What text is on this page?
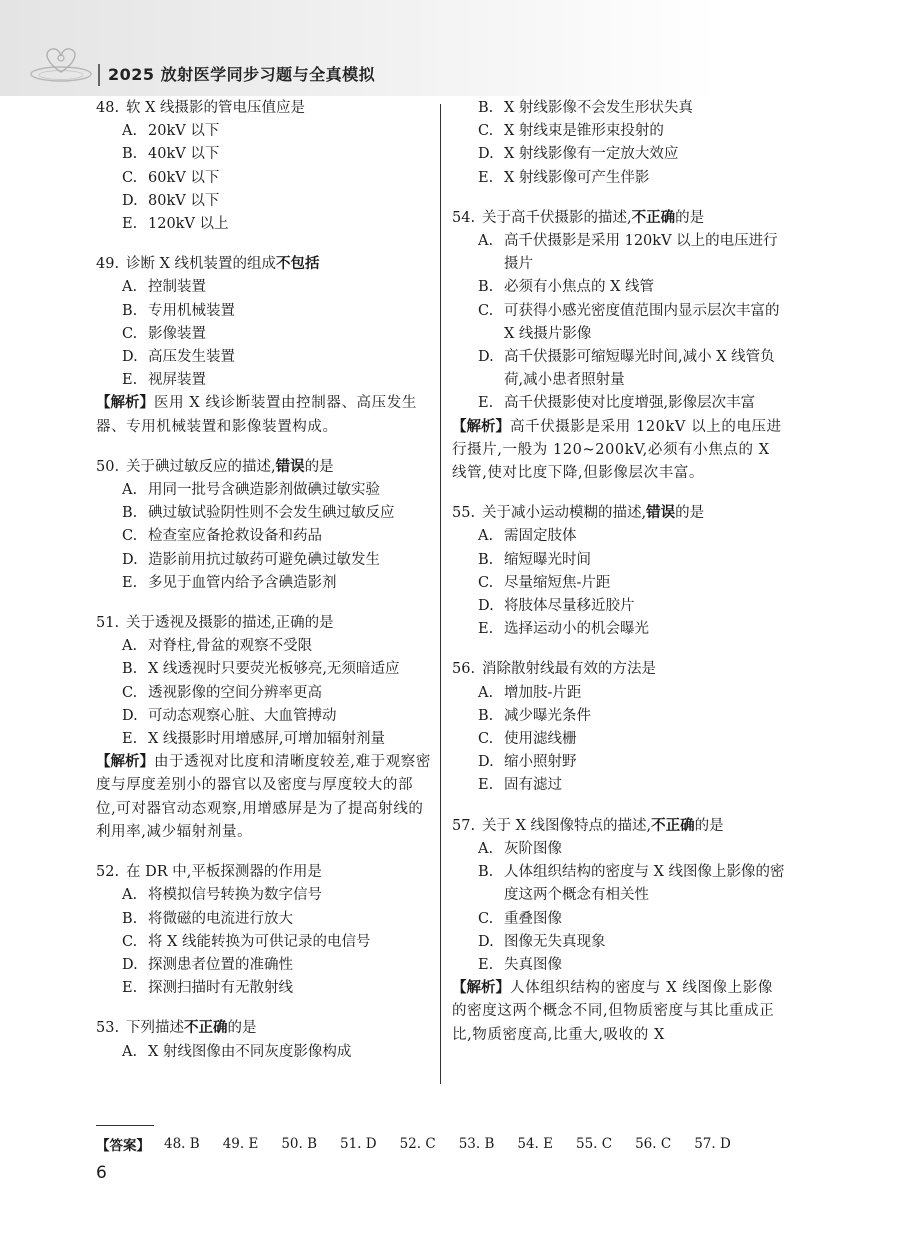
2025 放射医学同步习题与全真模拟
48. 软 X 线摄影的管电压值应是
A. 20kV 以下
B. 40kV 以下
C. 60kV 以下
D. 80kV 以下
E. 120kV 以上
49. 诊断 X 线机装置的组成不包括
A. 控制装置
B. 专用机械装置
C. 影像装置
D. 高压发生装置
E. 视屏装置
【解析】医用 X 线诊断装置由控制器、高压发生器、专用机械装置和影像装置构成。
50. 关于碘过敏反应的描述,错误的是
A. 用同一批号含碘造影剂做碘过敏实验
B. 碘过敏试验阴性则不会发生碘过敏反应
C. 检查室应备抢救设备和药品
D. 造影前用抗过敏药可避免碘过敏发生
E. 多见于血管内给予含碘造影剂
51. 关于透视及摄影的描述,正确的是
A. 对脊柱,骨盆的观察不受限
B. X 线透视时只要荧光板够亮,无须暗适应
C. 透视影像的空间分辨率更高
D. 可动态观察心脏、大血管搏动
E. X 线摄影时用增感屏,可增加辐射剂量
【解析】由于透视对比度和清晰度较差,难于观察密度与厚度差别小的器官以及密度与厚度较大的部位,可对器官动态观察,用增感屏是为了提高射线的利用率,减少辐射剂量。
52. 在 DR 中,平板探测器的作用是
A. 将模拟信号转换为数字信号
B. 将微磁的电流进行放大
C. 将 X 线能转换为可供记录的电信号
D. 探测患者位置的准确性
E. 探测扫描时有无散射线
53. 下列描述不正确的是
A. X 射线图像由不同灰度影像构成
B. X 射线影像不会发生形状失真
C. X 射线束是锥形束投射的
D. X 射线影像有一定放大效应
E. X 射线影像可产生伴影
54. 关于高千伏摄影的描述,不正确的是
A. 高千伏摄影是采用 120kV 以上的电压进行摄片
B. 必须有小焦点的 X 线管
C. 可获得小感光密度值范围内显示层次丰富的 X 线摄片影像
D. 高千伏摄影可缩短曝光时间,减小 X 线管负荷,减小患者照射量
E. 高千伏摄影使对比度增强,影像层次丰富
【解析】高千伏摄影是采用 120kV 以上的电压进行摄片,一般为 120~200kV,必须有小焦点的 X 线管,使对比度下降,但影像层次丰富。
55. 关于减小运动模糊的描述,错误的是
A. 需固定肢体
B. 缩短曝光时间
C. 尽量缩短焦-片距
D. 将肢体尽量移近胶片
E. 选择运动小的机会曝光
56. 消除散射线最有效的方法是
A. 增加肢-片距
B. 减少曝光条件
C. 使用滤线栅
D. 缩小照射野
E. 固有滤过
57. 关于 X 线图像特点的描述,不正确的是
A. 灰阶图像
B. 人体组织结构的密度与 X 线图像上影像的密度这两个概念有相关性
C. 重叠图像
D. 图像无失真现象
E. 失真图像
【解析】人体组织结构的密度与 X 线图像上影像的密度这两个概念不同,但物质密度与其比重成正比,物质密度高,比重大,吸收的 X
【答案】 48. B 49. E 50. B 51. D 52. C 53. B 54. E 55. C 56. C 57. D
6
